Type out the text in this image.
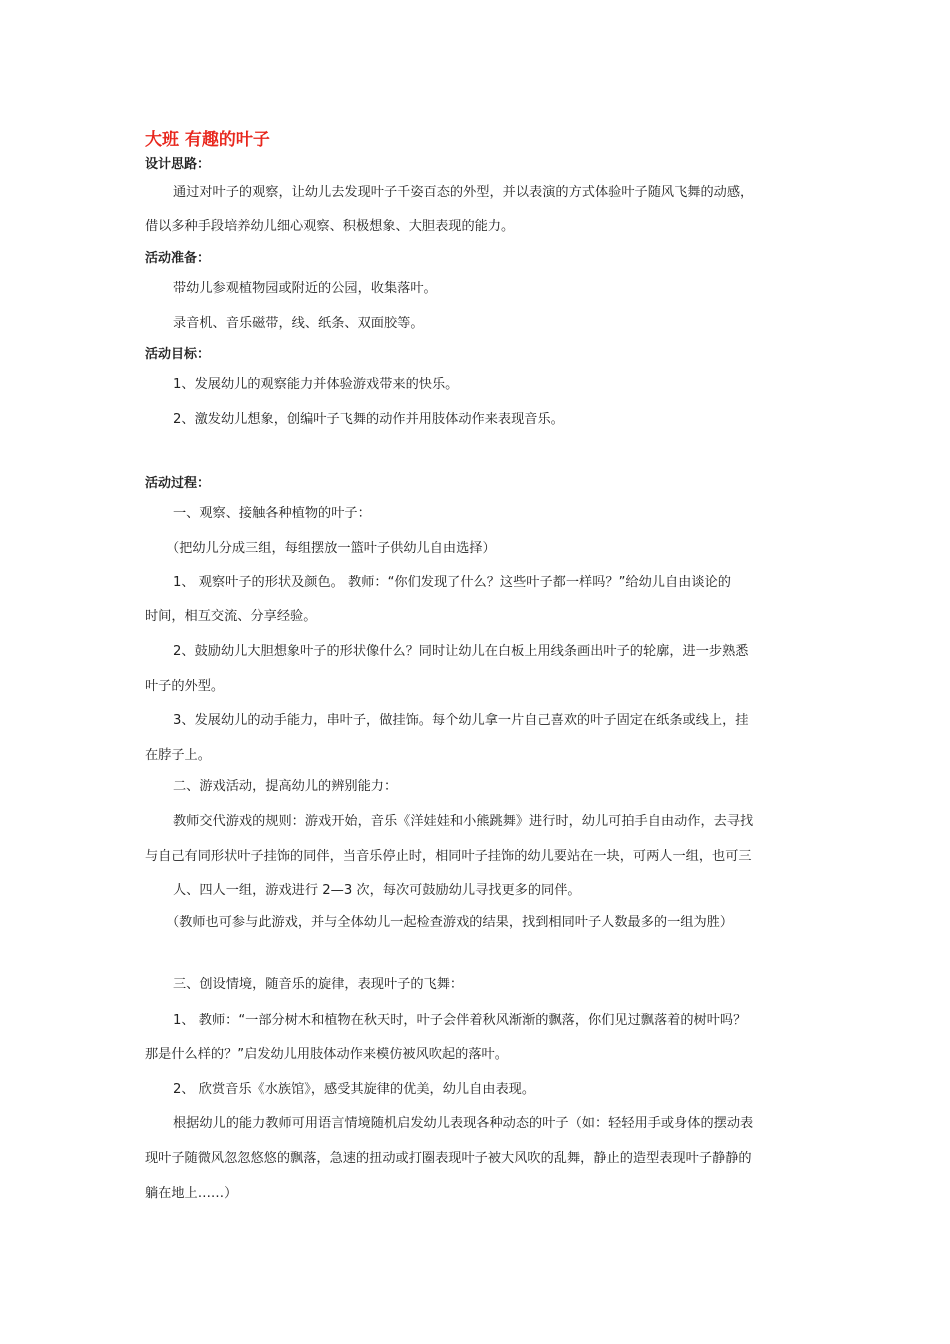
大班 有趣的叶子
设计思路：
通过对叶子的观察，让幼儿去发现叶子千姿百态的外型，并以表演的方式体验叶子随风飞舞的动感，
借以多种手段培养幼儿细心观察、积极想象、大胆表现的能力。
活动准备：
带幼儿参观植物园或附近的公园，收集落叶。
录音机、音乐磁带，线、纸条、双面胶等。
活动目标：
1、发展幼儿的观察能力并体验游戏带来的快乐。
2、激发幼儿想象，创编叶子飞舞的动作并用肢体动作来表现音乐。
活动过程：
一、观察、接触各种植物的叶子：
（把幼儿分成三组，每组摆放一篮叶子供幼儿自由选择）
1、 观察叶子的形状及颜色。 教师：“你们发现了什么？这些叶子都一样吗？”给幼儿自由谈论的
时间，相互交流、分享经验。
2、鼓励幼儿大胆想象叶子的形状像什么？同时让幼儿在白板上用线条画出叶子的轮廓，进一步熟悉
叶子的外型。
3、发展幼儿的动手能力，串叶子，做挂饰。每个幼儿拿一片自己喜欢的叶子固定在纸条或线上，挂
在脖子上。
二、游戏活动，提高幼儿的辨别能力：
教师交代游戏的规则：游戏开始，音乐《洋娃娃和小熊跳舞》进行时，幼儿可拍手自由动作，去寻找
与自己有同形状叶子挂饰的同伴，当音乐停止时，相同叶子挂饰的幼儿要站在一块，可两人一组，也可三
人、四人一组，游戏进行 2—3 次，每次可鼓励幼儿寻找更多的同伴。
（教师也可参与此游戏，并与全体幼儿一起检查游戏的结果，找到相同叶子人数最多的一组为胜）
三、创设情境，随音乐的旋律，表现叶子的飞舞：
1、 教师：“一部分树木和植物在秋天时，叶子会伴着秋风渐渐的飘落，你们见过飘落着的树叶吗？
那是什么样的？”启发幼儿用肢体动作来模仿被风吹起的落叶。
2、 欣赏音乐《水族馆》，感受其旋律的优美，幼儿自由表现。
根据幼儿的能力教师可用语言情境随机启发幼儿表现各种动态的叶子（如：轻轻用手或身体的摆动表
现叶子随微风忽忽悠悠的飘落，急速的扭动或打圈表现叶子被大风吹的乱舞，静止的造型表现叶子静静的
躺在地上……）
